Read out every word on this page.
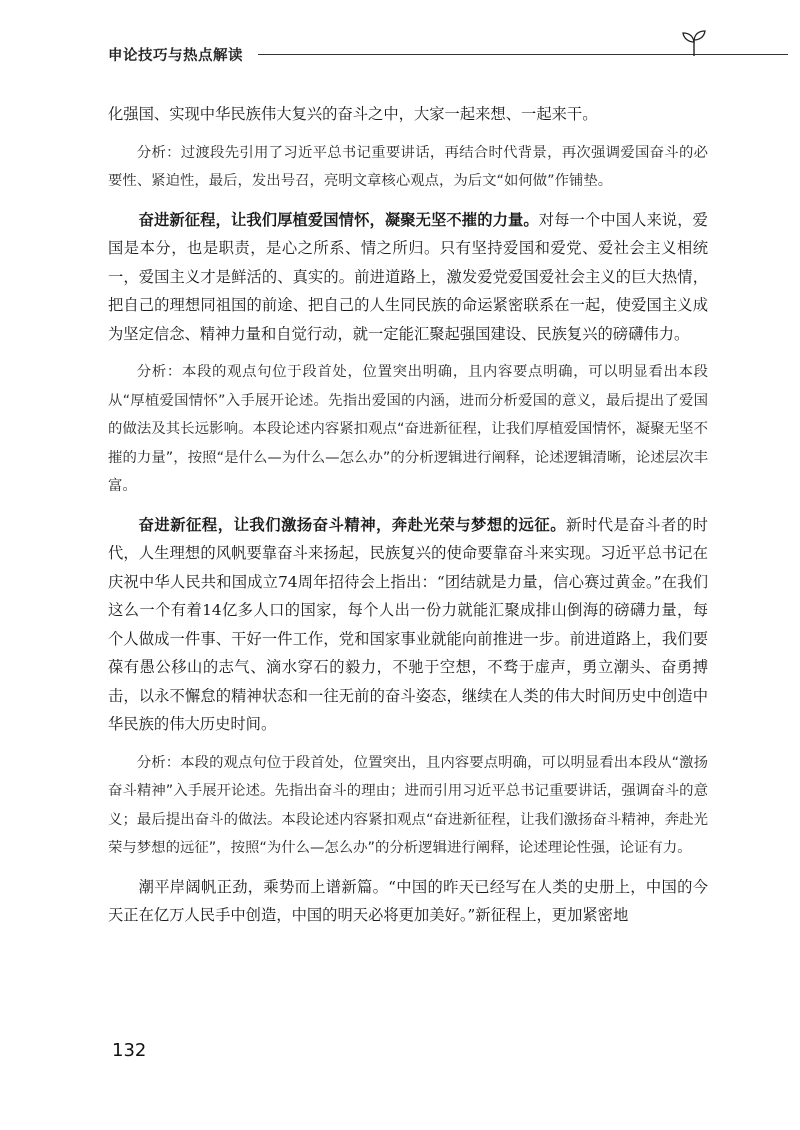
申论技巧与热点解读

化强国、实现中华民族伟大复兴的奋斗之中，大家一起来想、一起来干。

分析：过渡段先引用了习近平总书记重要讲话，再结合时代背景，再次强调爱国奋斗的必要性、紧迫性，最后，发出号召，亮明文章核心观点，为后文“如何做”作铺垫。

奋进新征程，让我们厚植爱国情怀，凝聚无坚不摧的力量。对每一个中国人来说，爱国是本分，也是职责，是心之所系、情之所归。只有坚持爱国和爱党、爱社会主义相统一，爱国主义才是鲜活的、真实的。前进道路上，激发爱党爱国爱社会主义的巨大热情，把自己的理想同祖国的前途、把自己的人生同民族的命运紧密联系在一起，使爱国主义成为坚定信念、精神力量和自觉行动，就一定能汇聚起强国建设、民族复兴的磅礴伟力。

分析：本段的观点句位于段首处，位置突出明确，且内容要点明确，可以明显看出本段从“厚植爱国情怀”入手展开论述。先指出爱国的内涵，进而分析爱国的意义，最后提出了爱国的做法及其长远影响。本段论述内容紧扣观点“奋进新征程，让我们厚植爱国情怀，凝聚无坚不摧的力量”，按照“是什么—为什么—怎么办”的分析逻辑进行阐释，论述逻辑清晰，论述层次丰富。

奋进新征程，让我们激扬奋斗精神，奔赴光荣与梦想的远征。新时代是奋斗者的时代，人生理想的风帆要靠奋斗来扬起，民族复兴的使命要靠奋斗来实现。习近平总书记在庆祝中华人民共和国成立74周年招待会上指出：“团结就是力量，信心赛过黄金。”在我们这么一个有着14亿多人口的国家，每个人出一份力就能汇聚成排山倒海的磅礴力量，每个人做成一件事、干好一件工作，党和国家事业就能向前推进一步。前进道路上，我们要葆有愚公移山的志气、滴水穿石的毅力，不驰于空想，不骛于虚声，勇立潮头、奋勇搏击，以永不懈怠的精神状态和一往无前的奋斗姿态，继续在人类的伟大时间历史中创造中华民族的伟大历史时间。

分析：本段的观点句位于段首处，位置突出，且内容要点明确，可以明显看出本段从“激扬奋斗精神”入手展开论述。先指出奋斗的理由；进而引用习近平总书记重要讲话，强调奋斗的意义；最后提出奋斗的做法。本段论述内容紧扣观点“奋进新征程，让我们激扬奋斗精神，奔赴光荣与梦想的远征”，按照“为什么—怎么办”的分析逻辑进行阐释，论述理论性强，论证有力。

潮平岸阔帆正劲，乘势而上谱新篇。“中国的昨天已经写在人类的史册上，中国的今天正在亿万人民手中创造，中国的明天必将更加美好。”新征程上，更加紧密地

132
